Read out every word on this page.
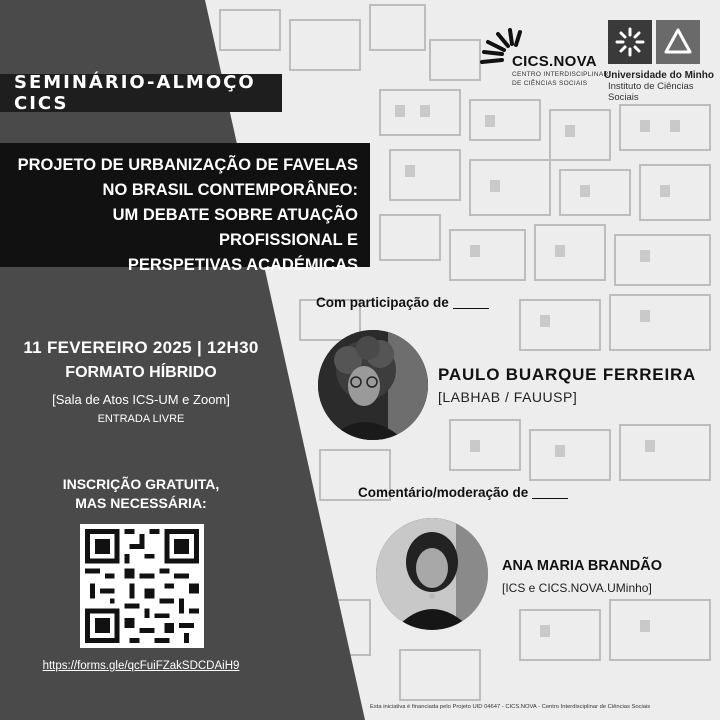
CICS.NOVA
CENTRO INTERDISCIPLINAR
DE CIÊNCIAS SOCIAIS
Universidade do Minho
Instituto de Ciências Sociais
SEMINÁRIO-ALMOÇO CICS
PROJETO DE URBANIZAÇÃO DE FAVELAS
NO BRASIL CONTEMPORÂNEO:
UM DEBATE SOBRE ATUAÇÃO PROFISSIONAL E
PERSPETIVAS ACADÉMICAS
11 FEVEREIRO 2025 | 12H30
FORMATO HÍBRIDO
[Sala de Atos ICS-UM e Zoom]
ENTRADA LIVRE
INSCRIÇÃO GRATUITA,
MAS NECESSÁRIA:
https://forms.gle/qcFuiFZakSDCDAiH9
Com participação de
PAULO BUARQUE FERREIRA
[LABHAB / FAUUSP]
Comentário/moderação de
ANA MARIA BRANDÃO
[ICS e CICS.NOVA.UMinho]
Esta iniciativa é financiada pelo Projeto UID 04647 - CICS.NOVA - Centro Interdisciplinar de Ciências Sociais
